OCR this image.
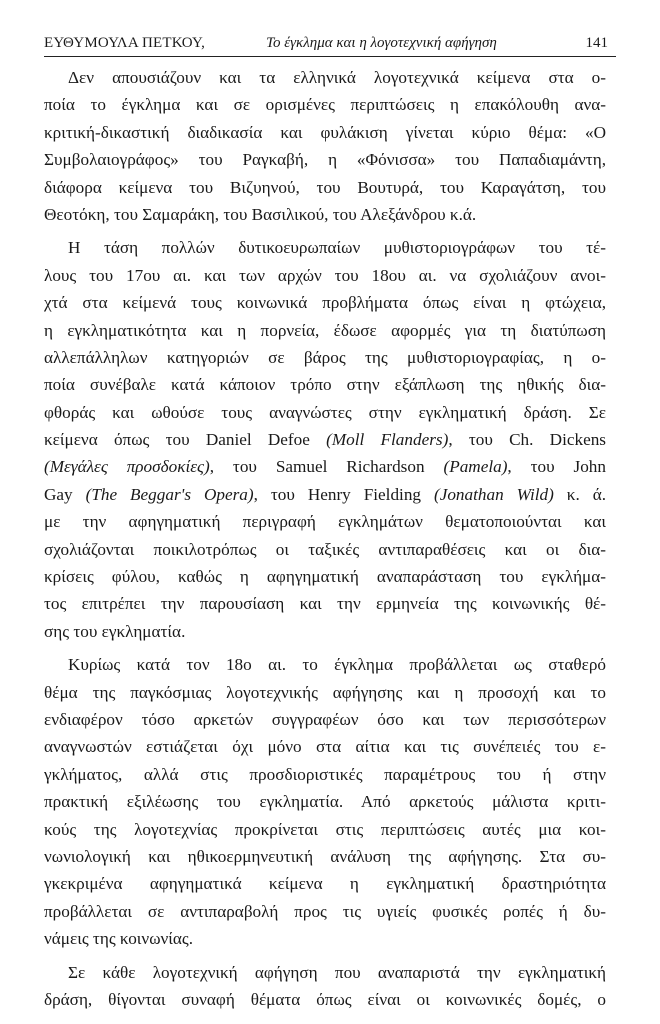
ΕΥΘΥΜΟΥΛΑ ΠΕΤΚΟΥ,	Το έγκλημα και η λογοτεχνική αφήγηση	141
Δεν απουσιάζουν και τα ελληνικά λογοτεχνικά κείμενα στα ο-
ποία το έγκλημα και σε ορισμένες περιπτώσεις η επακόλουθη ανα-
κριτική-δικαστική διαδικασία και φυλάκιση γίνεται κύριο θέμα: «Ο
Συμβολαιογράφος» του Ραγκαβή, η «Φόνισσα» του Παπαδιαμάντη,
διάφορα κείμενα του Βιζυηνού, του Βουτυρά, του Καραγάτση, του
Θεοτόκη, του Σαμαράκη, του Βασιλικού, του Αλεξάνδρου κ.ά.
Η τάση πολλών δυτικοευρωπαίων μυθιστοριογράφων του τέ-
λους του 17ου αι. και των αρχών του 18ου αι. να σχολιάζουν ανοι-
χτά στα κείμενά τους κοινωνικά προβλήματα όπως είναι η φτώχεια,
η εγκληματικότητα και η πορνεία, έδωσε αφορμές για τη διατύπωση
αλλεπάλληλων κατηγοριών σε βάρος της μυθιστοριογραφίας, η ο-
ποία συνέβαλε κατά κάποιον τρόπο στην εξάπλωση της ηθικής δια-
φθοράς και ωθούσε τους αναγνώστες στην εγκληματική δράση. Σε
κείμενα όπως του Daniel Defoe (Moll Flanders), του Ch. Dickens
(Μεγάλες προσδοκίες), του Samuel Richardson (Pamela), του John
Gay (The Beggar's Opera), του Henry Fielding (Jonathan Wild) κ. ά.
με την αφηγηματική περιγραφή εγκλημάτων θεματοποιούνται και
σχολιάζονται ποικιλοτρόπως οι ταξικές αντιπαραθέσεις και οι δια-
κρίσεις φύλου, καθώς η αφηγηματική αναπαράσταση του εγκλήμα-
τος επιτρέπει την παρουσίαση και την ερμηνεία της κοινωνικής θέ-
σης του εγκληματία.
Κυρίως κατά τον 18ο αι. το έγκλημα προβάλλεται ως σταθερό
θέμα της παγκόσμιας λογοτεχνικής αφήγησης και η προσοχή και το
ενδιαφέρον τόσο αρκετών συγγραφέων όσο και των περισσότερων
αναγνωστών εστιάζεται όχι μόνο στα αίτια και τις συνέπειές του ε-
γκλήματος, αλλά στις προσδιοριστικές παραμέτρους του ή στην
πρακτική εξιλέωσης του εγκληματία. Από αρκετούς μάλιστα κριτι-
κούς της λογοτεχνίας προκρίνεται στις περιπτώσεις αυτές μια κοι-
νωνιολογική και ηθικοερμηνευτική ανάλυση της αφήγησης. Στα συ-
γκεκριμένα αφηγηματικά κείμενα η εγκληματική δραστηριότητα
προβάλλεται σε αντιπαραβολή προς τις υγιείς φυσικές ροπές ή δυ-
νάμεις της κοινωνίας.
Σε κάθε λογοτεχνική αφήγηση που αναπαριστά την εγκληματική
δράση, θίγονται συναφή θέματα όπως είναι οι κοινωνικές δομές, ο
